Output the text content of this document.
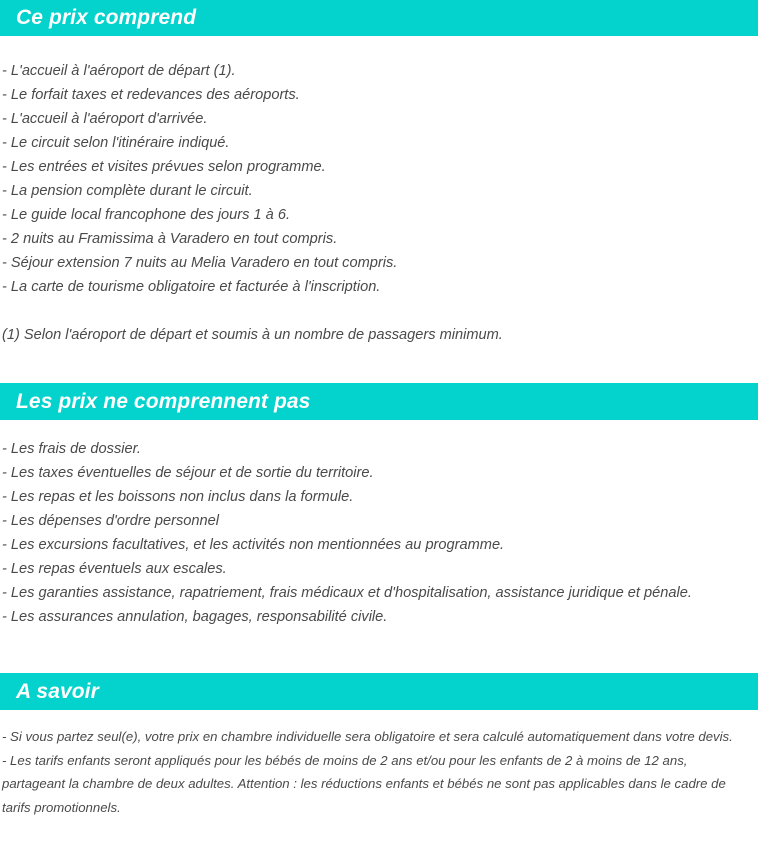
Ce prix comprend
- L'accueil à l'aéroport de départ (1).
- Le forfait taxes et redevances des aéroports.
- L'accueil à l'aéroport d'arrivée.
- Le circuit selon l'itinéraire indiqué.
- Les entrées et visites prévues selon programme.
- La pension complète durant le circuit.
- Le guide local francophone des jours 1 à 6.
- 2 nuits au Framissima à Varadero en tout compris.
- Séjour extension 7 nuits au Melia Varadero en tout compris.
- La carte de tourisme obligatoire et facturée à l'inscription.
(1) Selon l'aéroport de départ et soumis à un nombre de passagers minimum.
Les prix ne comprennent pas
- Les frais de dossier.
- Les taxes éventuelles de séjour et de sortie du territoire.
- Les repas et les boissons non inclus dans la formule.
- Les dépenses d'ordre personnel
- Les excursions facultatives, et les activités non mentionnées au programme.
- Les repas éventuels aux escales.
- Les garanties assistance, rapatriement, frais médicaux et d'hospitalisation, assistance juridique et pénale.
- Les assurances annulation, bagages, responsabilité civile.
A savoir
- Si vous partez seul(e), votre prix en chambre individuelle sera obligatoire et sera calculé automatiquement dans votre devis.
- Les tarifs enfants seront appliqués pour les bébés de moins de 2 ans et/ou pour les enfants de 2 à moins de 12 ans, partageant la chambre de deux adultes. Attention : les réductions enfants et bébés ne sont pas applicables dans le cadre de tarifs promotionnels.
